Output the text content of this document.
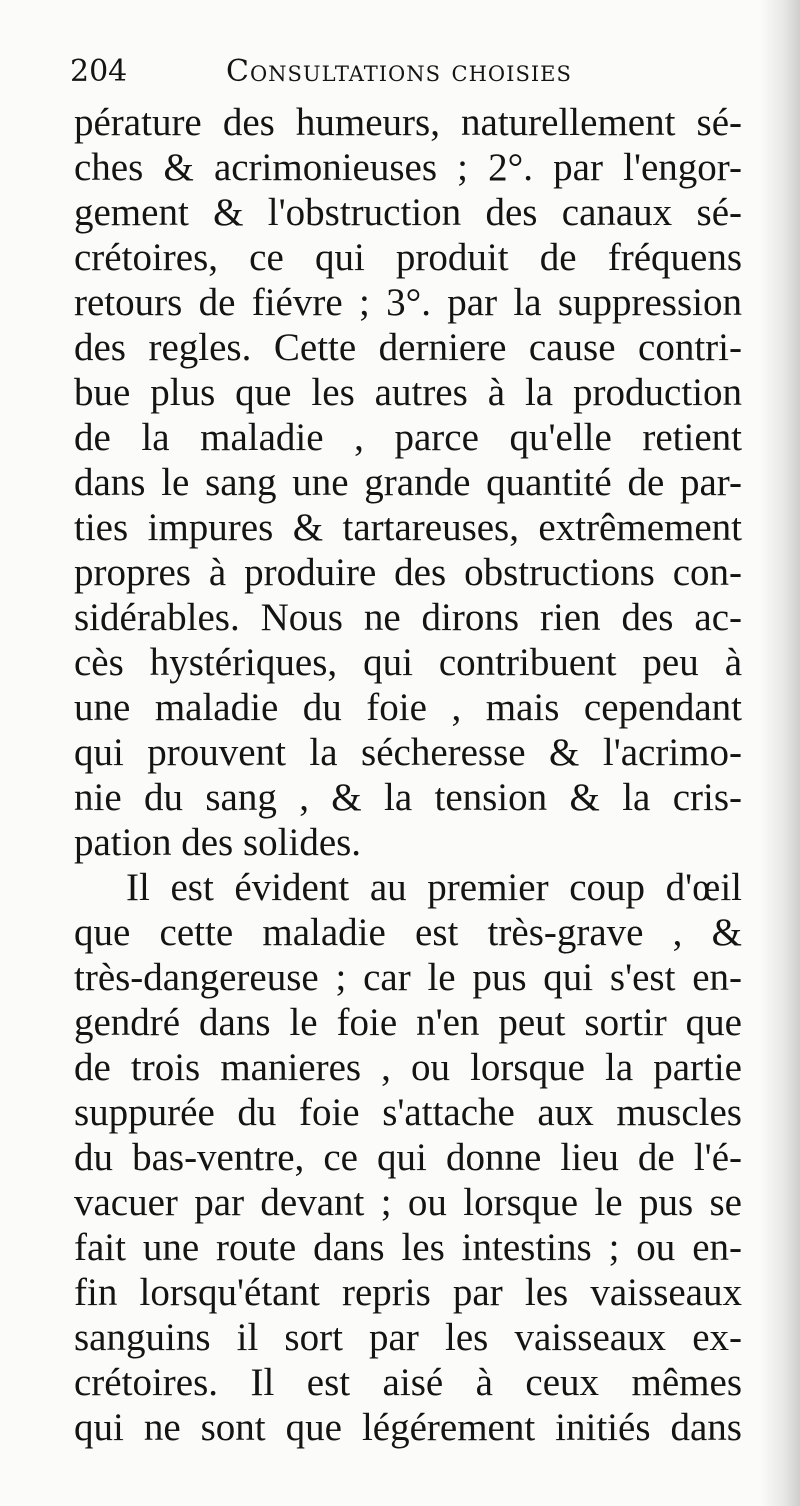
204	Consultations choisies
pérature des humeurs, naturellement sé-
ches & acrimonieuses ; 2°. par l'engor-
gement & l'obstruction des canaux sé-
crétoires, ce qui produit de fréquens
retours de fiévre ; 3°. par la suppression
des regles. Cette derniere cause contri-
bue plus que les autres à la production
de la maladie , parce qu'elle retient
dans le sang une grande quantité de par-
ties impures & tartareuses, extrêmement
propres à produire des obstructions con-
sidérables. Nous ne dirons rien des ac-
cès hystériques, qui contribuent peu à
une maladie du foie , mais cependant
qui prouvent la sécheresse & l'acrimo-
nie du sang , & la tension & la cris-
pation des solides.
Il est évident au premier coup d'œil
que cette maladie est très-grave , &
très-dangereuse ; car le pus qui s'est en-
gendré dans le foie n'en peut sortir que
de trois manieres , ou lorsque la partie
suppurée du foie s'attache aux muscles
du bas-ventre, ce qui donne lieu de l'é-
vacuer par devant ; ou lorsque le pus se
fait une route dans les intestins ; ou en-
fin lorsqu'étant repris par les vaisseaux
sanguins il sort par les vaisseaux ex-
crétoires. Il est aisé à ceux mêmes
qui ne sont que légérement initiés dans
